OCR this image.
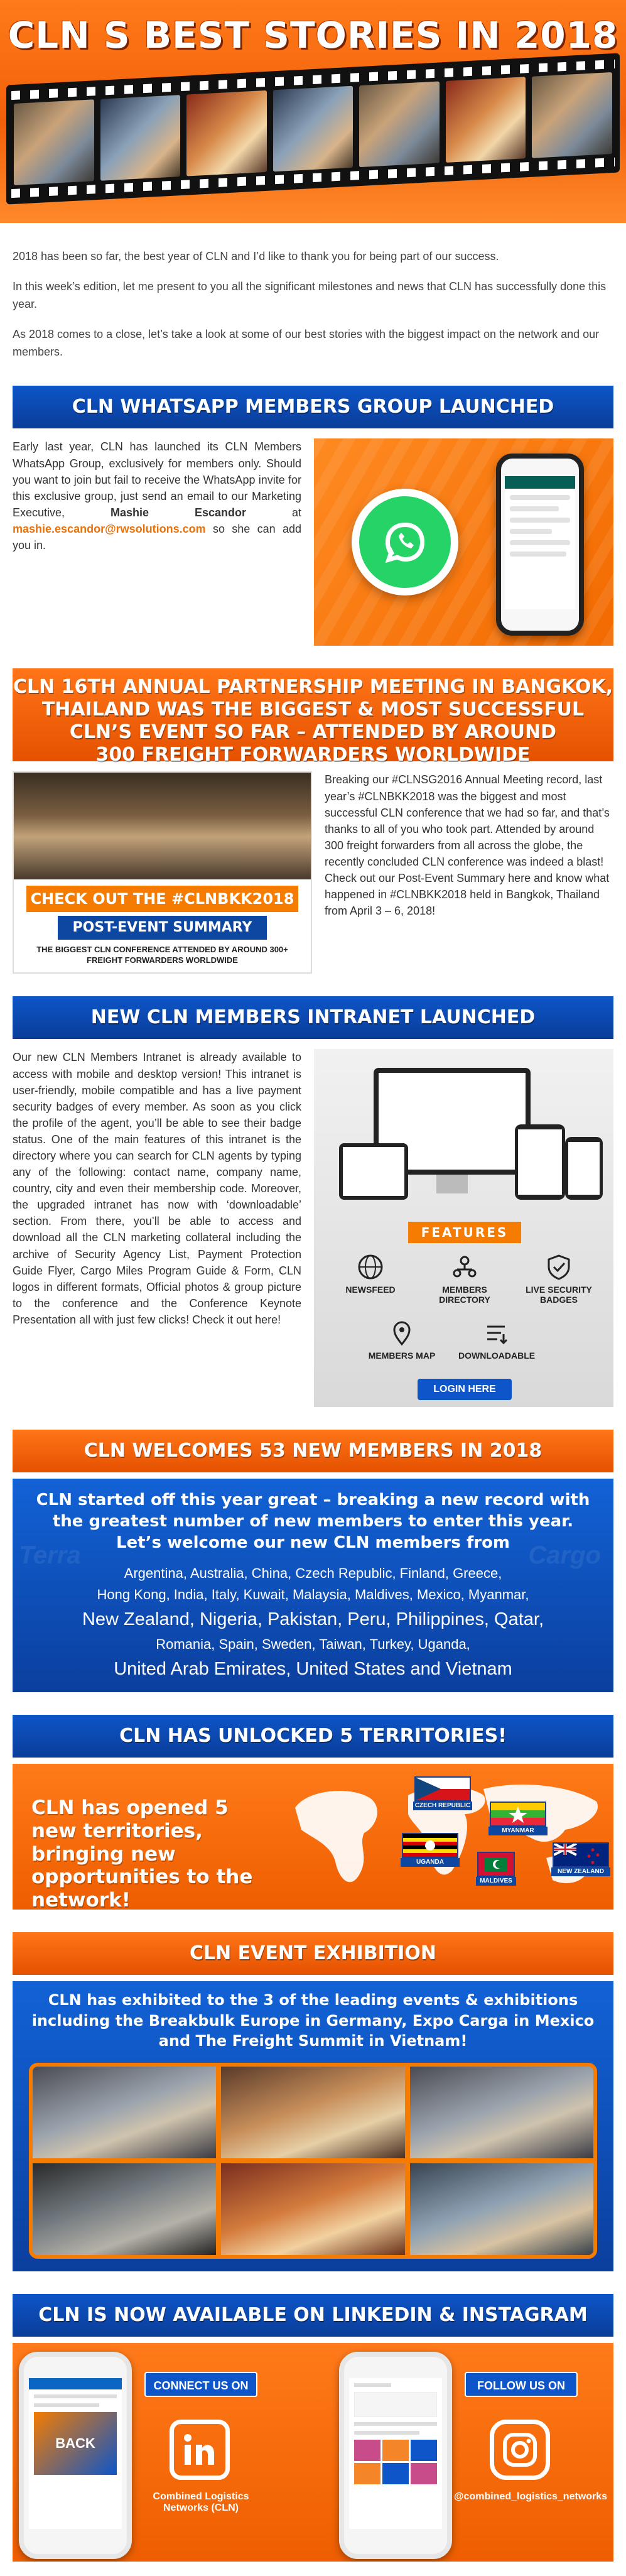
CLN S BEST STORIES IN 2018

2018 has been so far, the best year of CLN and I’d like to thank you for being part of our success.

In this week’s edition, let me present to you all the significant milestones and news that CLN has successfully done this year.

As 2018 comes to a close, let’s take a look at some of our best stories with the biggest impact on the network and our members.

CLN WHATSAPP MEMBERS GROUP LAUNCHED
Early last year, CLN has launched its CLN Members WhatsApp Group, exclusively for members only. Should you want to join but fail to receive the WhatsApp invite for this exclusive group, just send an email to our Marketing Executive,	Mashie Escandor	at mashie.escandor@rwsolutions.com so she can add you in.
CLN 16TH ANNUAL PARTNERSHIP MEETING IN BANGKOK,
THAILAND WAS THE BIGGEST & MOST SUCCESSFUL
CLN’S EVENT SO FAR – ATTENDED BY AROUND
300 FREIGHT FORWARDERS WORLDWIDE
CHECK OUT THE #CLNBKK2018
POST-EVENT SUMMARY
THE BIGGEST CLN CONFERENCE ATTENDED BY AROUND 300+ FREIGHT FORWARDERS WORLDWIDE
Breaking our #CLNSG2016 Annual Meeting record, last year’s #CLNBKK2018 was the biggest and most successful CLN conference that we had so far, and that’s thanks to all of you who took part. Attended by around 300 freight forwarders from all across the globe, the recently concluded CLN conference was indeed a blast! Check out our Post-Event Summary here and know what happened in #CLNBKK2018 held in Bangkok, Thailand from April 3 – 6, 2018!
NEW CLN MEMBERS INTRANET LAUNCHED
Our new CLN Members Intranet is already available to access with mobile and desktop version! This intranet is user-friendly, mobile compatible and has a live payment security badges of every member. As soon as you click the profile of the agent, you’ll be able to see their badge status. One of the main features of this intranet is the directory where you can search for CLN agents by typing any of the following: contact name, company name, country, city and even their membership code. Moreover, the upgraded intranet has now with ‘downloadable’ section. From there, you’ll be able to access and download all the CLN marketing collateral including the archive of Security Agency List, Payment Protection Guide Flyer, Cargo Miles Program Guide & Form, CLN logos in different formats, Official photos & group picture to the conference and the Conference Keynote Presentation all with just few clicks! Check it out here!
FEATURES
NEWSFEED	MEMBERS DIRECTORY
LIVE SECURITY BADGES
MEMBERS MAP	DOWNLOADABLE
LOGIN HERE
CLN WELCOMES 53 NEW MEMBERS IN 2018
Terra	Cargo
CLN started off this year great – breaking a new record with the greatest number of new members to enter this year. Let’s welcome our new CLN members from
Argentina, Australia, China, Czech Republic, Finland, Greece,
Hong Kong, India, Italy, Kuwait, Malaysia, Maldives, Mexico, Myanmar,
New Zealand, Nigeria, Pakistan, Peru, Philippines, Qatar,
Romania, Spain, Sweden, Taiwan, Turkey, Uganda,
United Arab Emirates, United States and Vietnam
CLN HAS UNLOCKED 5 TERRITORIES!
CLN has opened 5 new territories, bringing new opportunities to the network!
CZECH REPUBLIC
MYANMAR
UGANDA
MALDIVES
NEW ZEALAND
CLN EVENT EXHIBITION
CLN has exhibited to the 3 of the leading events & exhibitions including the Breakbulk Europe in Germany, Expo Carga in Mexico and The Freight Summit in Vietnam!
CLN IS NOW AVAILABLE ON LINKEDIN & INSTAGRAM
BACK
CONNECT US ON
Combined Logistics Networks (CLN)
FOLLOW US ON
@combined_logistics_networks
